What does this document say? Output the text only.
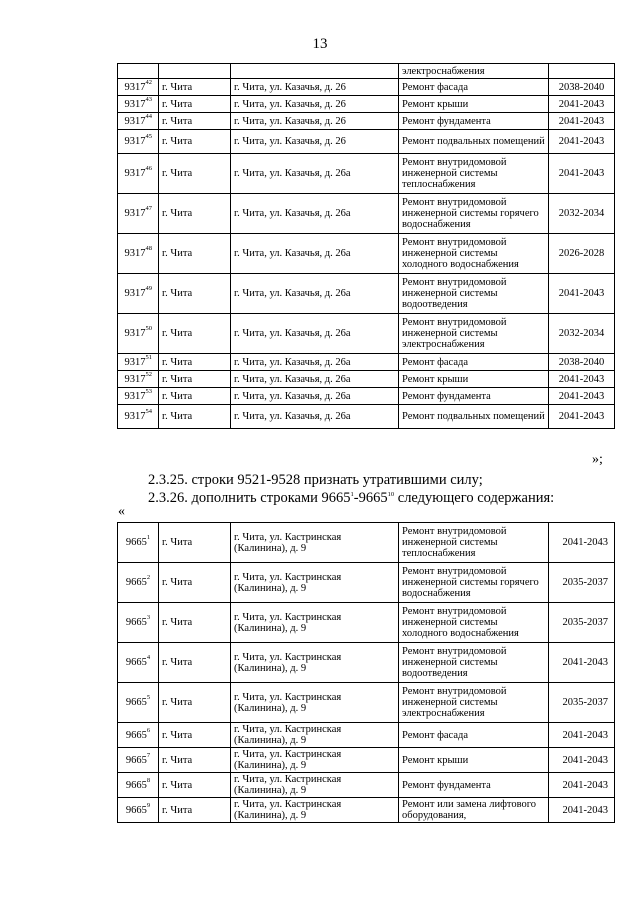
13
			электроснабжения	
9317$^{42}$	г. Чита	г. Чита, ул. Казачья, д. 26	Ремонт фасада	2038-2040
9317$^{43}$	г. Чита	г. Чита, ул. Казачья, д. 26	Ремонт крыши	2041-2043
9317$^{44}$	г. Чита	г. Чита, ул. Казачья, д. 26	Ремонт фундамента	2041-2043
9317$^{45}$	г. Чита	г. Чита, ул. Казачья, д. 26	Ремонт подвальных помещений	2041-2043
9317$^{46}$	г. Чита	г. Чита, ул. Казачья, д. 26а	Ремонт внутридомовой инженерной системы теплоснабжения	2041-2043
9317$^{47}$	г. Чита	г. Чита, ул. Казачья, д. 26а	Ремонт внутридомовой инженерной системы горячего водоснабжения	2032-2034
9317$^{48}$	г. Чита	г. Чита, ул. Казачья, д. 26а	Ремонт внутридомовой инженерной системы холодного водоснабжения	2026-2028
9317$^{49}$	г. Чита	г. Чита, ул. Казачья, д. 26а	Ремонт внутридомовой инженерной системы водоотведения	2041-2043
9317$^{50}$	г. Чита	г. Чита, ул. Казачья, д. 26а	Ремонт внутридомовой инженерной системы электроснабжения	2032-2034
9317$^{51}$	г. Чита	г. Чита, ул. Казачья, д. 26а	Ремонт фасада	2038-2040
9317$^{52}$	г. Чита	г. Чита, ул. Казачья, д. 26а	Ремонт крыши	2041-2043
9317$^{53}$	г. Чита	г. Чита, ул. Казачья, д. 26а	Ремонт фундамента	2041-2043
9317$^{54}$	г. Чита	г. Чита, ул. Казачья, д. 26а	Ремонт подвальных помещений	2041-2043
»;
2.3.25. строки 9521-9528 признать утратившими силу;
2.3.26. дополнить строками 9665$^1$-9665$^{10}$ следующего содержания:
«
9665$^1$	г. Чита	г. Чита, ул. Кастринская (Калинина), д. 9	Ремонт внутридомовой инженерной системы теплоснабжения	2041-2043
9665$^2$	г. Чита	г. Чита, ул. Кастринская (Калинина), д. 9	Ремонт внутридомовой инженерной системы горячего водоснабжения	2035-2037
9665$^3$	г. Чита	г. Чита, ул. Кастринская (Калинина), д. 9	Ремонт внутридомовой инженерной системы холодного водоснабжения	2035-2037
9665$^4$	г. Чита	г. Чита, ул. Кастринская (Калинина), д. 9	Ремонт внутридомовой инженерной системы водоотведения	2041-2043
9665$^5$	г. Чита	г. Чита, ул. Кастринская (Калинина), д. 9	Ремонт внутридомовой инженерной системы электроснабжения	2035-2037
9665$^6$	г. Чита	г. Чита, ул. Кастринская (Калинина), д. 9	Ремонт фасада	2041-2043
9665$^7$	г. Чита	г. Чита, ул. Кастринская (Калинина), д. 9	Ремонт крыши	2041-2043
9665$^8$	г. Чита	г. Чита, ул. Кастринская (Калинина), д. 9	Ремонт фундамента	2041-2043
9665$^9$	г. Чита	г. Чита, ул. Кастринская (Калинина), д. 9	Ремонт или замена лифтового оборудования,	2041-2043
